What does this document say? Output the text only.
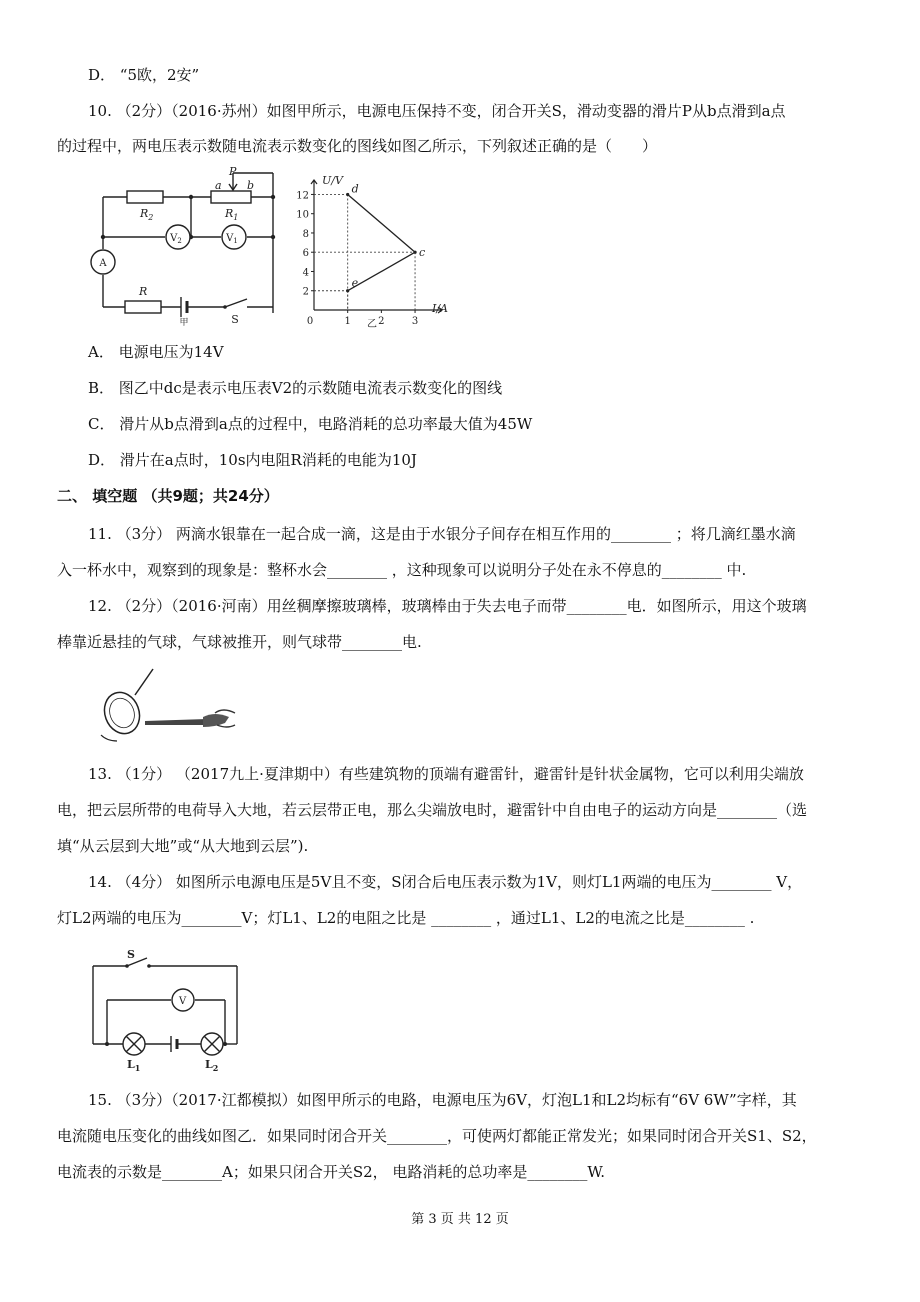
D． “5欧，2安”
10. （2分）（2016·苏州）如图甲所示，电源电压保持不变，闭合开关S，滑动变器的滑片P从b点滑到a点
的过程中，两电压表示数随电流表示数变化的图线如图乙所示，下列叙述正确的是（　　）
$R_2$	$R_1$
P
a b
R
$V_2$	$V_1$
A
S
甲
2
4
6
8
10
12
0	1	2	3
d
c
e
U/V
I/A
乙
A． 电源电压为14V
B． 图乙中dc是表示电压表V2的示数随电流表示数变化的图线
C． 滑片从b点滑到a点的过程中，电路消耗的总功率最大值为45W
D． 滑片在a点时，10s内电阻R消耗的电能为10J
二、 填空题 （共9题；共24分）
11. （3分） 两滴水银靠在一起合成一滴，这是由于水银分子间存在相互作用的________ ；将几滴红墨水滴
入一杯水中，观察到的现象是：整杯水会________ ，这种现象可以说明分子处在永不停息的________ 中.
12. （2分）（2016·河南）用丝稠摩擦玻璃棒，玻璃棒由于失去电子而带________电．如图所示，用这个玻璃
棒靠近悬挂的气球，气球被推开，则气球带________电.
13. （1分） （2017九上·夏津期中）有些建筑物的顶端有避雷针，避雷针是针状金属物，它可以利用尖端放
电，把云层所带的电荷导入大地，若云层带正电，那么尖端放电时，避雷针中自由电子的运动方向是________（选
填“从云层到大地”或“从大地到云层”).
14. （4分） 如图所示电源电压是5V且不变，S闭合后电压表示数为1V，则灯L1两端的电压为________ V，
灯L2两端的电压为________V；灯L1、L2的电阻之比是 ________ ，通过L1、L2的电流之比是________ .
S
V
$L_1$	$L_2$
15. （3分）（2017·江都模拟）如图甲所示的电路，电源电压为6V，灯泡L1和L2均标有“6V 6W”字样，其
电流随电压变化的曲线如图乙．如果同时闭合开关________，可使两灯都能正常发光；如果同时闭合开关S1、S2，
电流表的示数是________A；如果只闭合开关S2， 电路消耗的总功率是________W.
第 3 页 共 12 页
